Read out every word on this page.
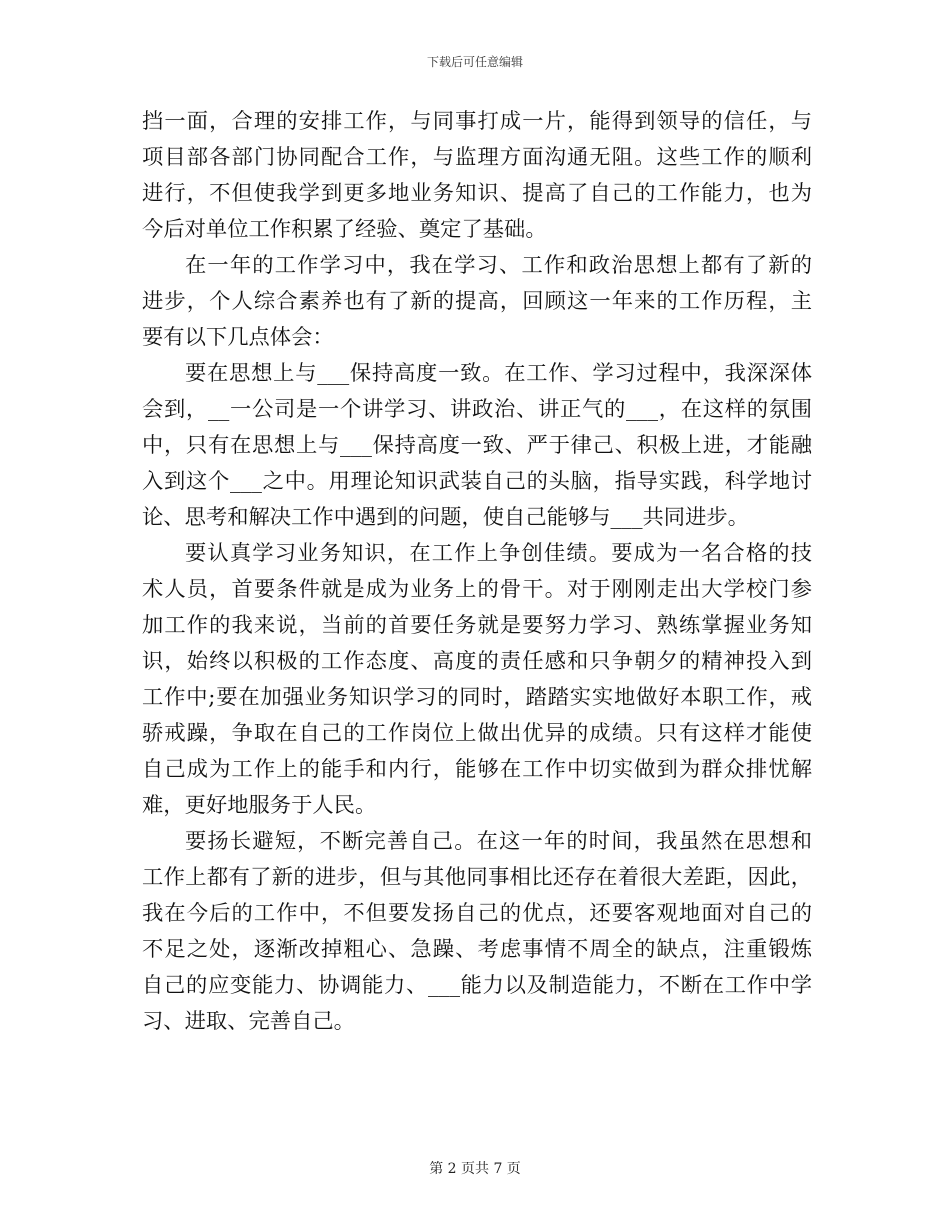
下载后可任意编辑
挡一面，合理的安排工作，与同事打成一片，能得到领导的信任，与
项目部各部门协同配合工作，与监理方面沟通无阻。这些工作的顺利
进行，不但使我学到更多地业务知识、提高了自己的工作能力，也为
今后对单位工作积累了经验、奠定了基础。
在一年的工作学习中，我在学习、工作和政治思想上都有了新的
进步，个人综合素养也有了新的提高，回顾这一年来的工作历程，主
要有以下几点体会：
要在思想上与___保持高度一致。在工作、学习过程中，我深深体
会到，__一公司是一个讲学习、讲政治、讲正气的___，在这样的氛围
中，只有在思想上与___保持高度一致、严于律己、积极上进，才能融
入到这个___之中。用理论知识武装自己的头脑，指导实践，科学地讨
论、思考和解决工作中遇到的问题，使自己能够与___共同进步。
要认真学习业务知识，在工作上争创佳绩。要成为一名合格的技
术人员，首要条件就是成为业务上的骨干。对于刚刚走出大学校门参
加工作的我来说，当前的首要任务就是要努力学习、熟练掌握业务知
识，始终以积极的工作态度、高度的责任感和只争朝夕的精神投入到
工作中;要在加强业务知识学习的同时，踏踏实实地做好本职工作，戒
骄戒躁，争取在自己的工作岗位上做出优异的成绩。只有这样才能使
自己成为工作上的能手和内行，能够在工作中切实做到为群众排忧解
难，更好地服务于人民。
要扬长避短，不断完善自己。在这一年的时间，我虽然在思想和
工作上都有了新的进步，但与其他同事相比还存在着很大差距，因此，
我在今后的工作中，不但要发扬自己的优点，还要客观地面对自己的
不足之处，逐渐改掉粗心、急躁、考虑事情不周全的缺点，注重锻炼
自己的应变能力、协调能力、___能力以及制造能力，不断在工作中学
习、进取、完善自己。
第 2 页共 7 页
